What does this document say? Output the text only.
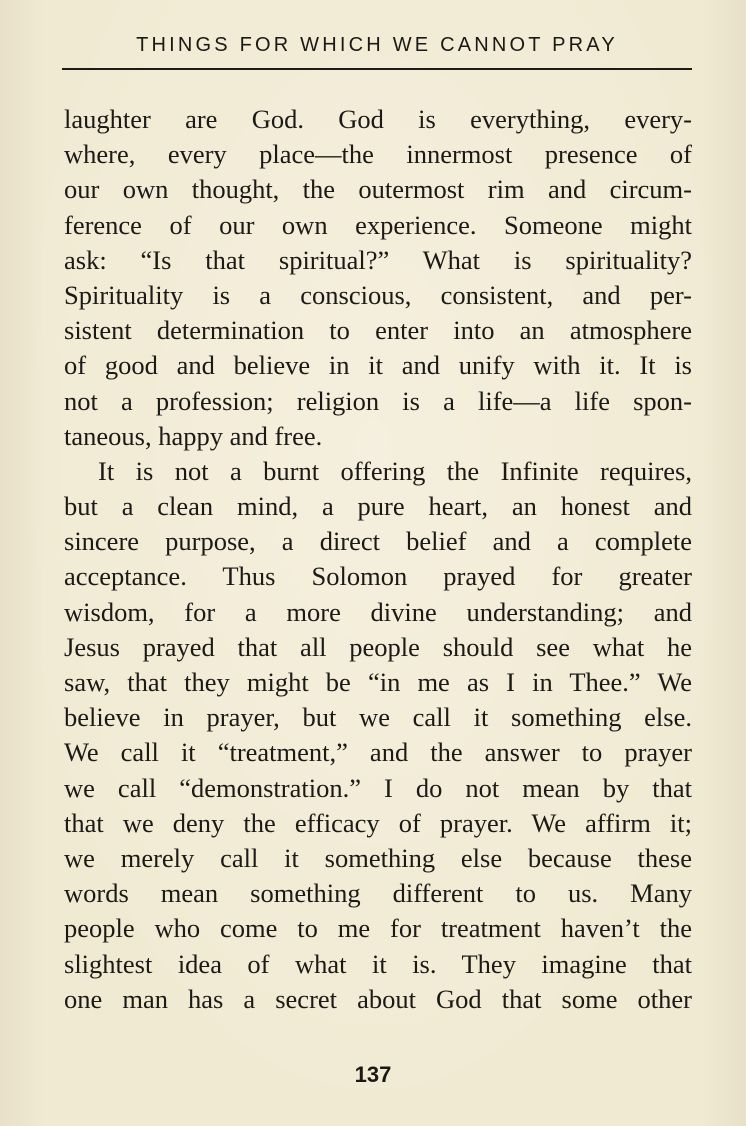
THINGS FOR WHICH WE CANNOT PRAY
laughter are God. God is everything, every-
where, every place—the innermost presence of
our own thought, the outermost rim and circum-
ference of our own experience. Someone might
ask: “Is that spiritual?” What is spirituality?
Spirituality is a conscious, consistent, and per-
sistent determination to enter into an atmosphere
of good and believe in it and unify with it. It is
not a profession; religion is a life—a life spon-
taneous, happy and free.
It is not a burnt offering the Infinite requires,
but a clean mind, a pure heart, an honest and
sincere purpose, a direct belief and a complete
acceptance. Thus Solomon prayed for greater
wisdom, for a more divine understanding; and
Jesus prayed that all people should see what he
saw, that they might be “in me as I in Thee.” We
believe in prayer, but we call it something else.
We call it “treatment,” and the answer to prayer
we call “demonstration.” I do not mean by that
that we deny the efficacy of prayer. We affirm it;
we merely call it something else because these
words mean something different to us. Many
people who come to me for treatment haven’t the
slightest idea of what it is. They imagine that
one man has a secret about God that some other
137
